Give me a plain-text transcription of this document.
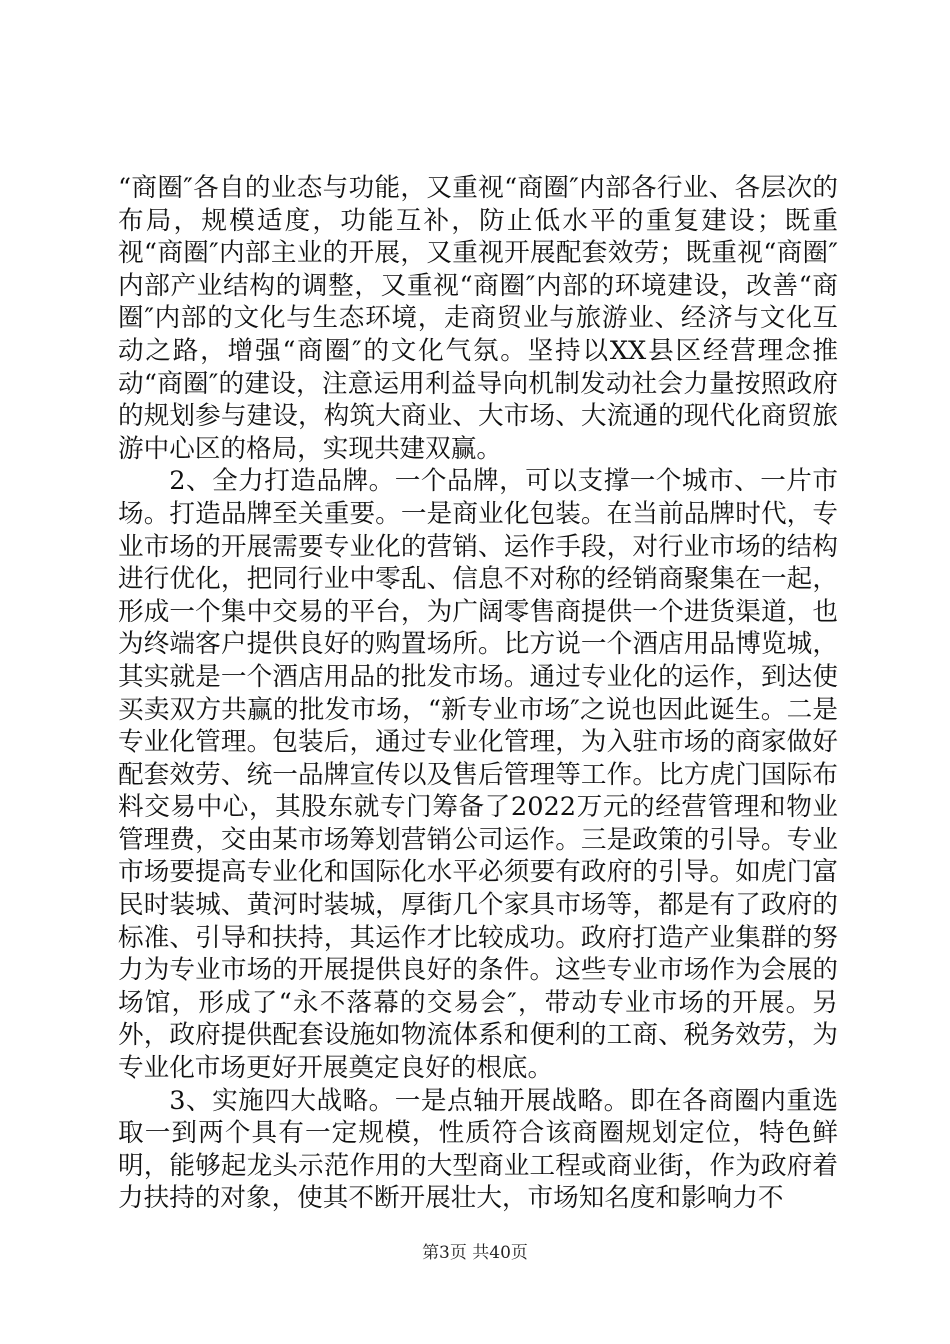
“商圈″各自的业态与功能，又重视“商圈″内部各行业、各层次的布局，规模适度，功能互补，防止低水平的重复建设；既重视“商圈″内部主业的开展，又重视开展配套效劳；既重视“商圈″内部产业结构的调整，又重视“商圈″内部的环境建设，改善“商圈″内部的文化与生态环境，走商贸业与旅游业、经济与文化互动之路，增强“商圈″的文化气氛。坚持以XX县区经营理念推动“商圈″的建设，注意运用利益导向机制发动社会力量按照政府的规划参与建设，构筑大商业、大市场、大流通的现代化商贸旅游中心区的格局，实现共建双赢。

2、全力打造品牌。一个品牌，可以支撑一个城市、一片市场。打造品牌至关重要。一是商业化包装。在当前品牌时代，专业市场的开展需要专业化的营销、运作手段，对行业市场的结构进行优化，把同行业中零乱、信息不对称的经销商聚集在一起，形成一个集中交易的平台，为广阔零售商提供一个进货渠道，也为终端客户提供良好的购置场所。比方说一个酒店用品博览城，其实就是一个酒店用品的批发市场。通过专业化的运作，到达使买卖双方共赢的批发市场，“新专业市场″之说也因此诞生。二是专业化管理。包装后，通过专业化管理，为入驻市场的商家做好配套效劳、统一品牌宣传以及售后管理等工作。比方虎门国际布料交易中心，其股东就专门筹备了2022万元的经营管理和物业管理费，交由某市场筹划营销公司运作。三是政策的引导。专业市场要提高专业化和国际化水平必须要有政府的引导。如虎门富民时装城、黄河时装城，厚街几个家具市场等，都是有了政府的标准、引导和扶持，其运作才比较成功。政府打造产业集群的努力为专业市场的开展提供良好的条件。这些专业市场作为会展的场馆，形成了“永不落幕的交易会″，带动专业市场的开展。另外，政府提供配套设施如物流体系和便利的工商、税务效劳，为专业化市场更好开展奠定良好的根底。

3、实施四大战略。一是点轴开展战略。即在各商圈内重选取一到两个具有一定规模，性质符合该商圈规划定位，特色鲜明，能够起龙头示范作用的大型商业工程或商业街，作为政府着力扶持的对象，使其不断开展壮大，市场知名度和影响力不

第3页 共40页
